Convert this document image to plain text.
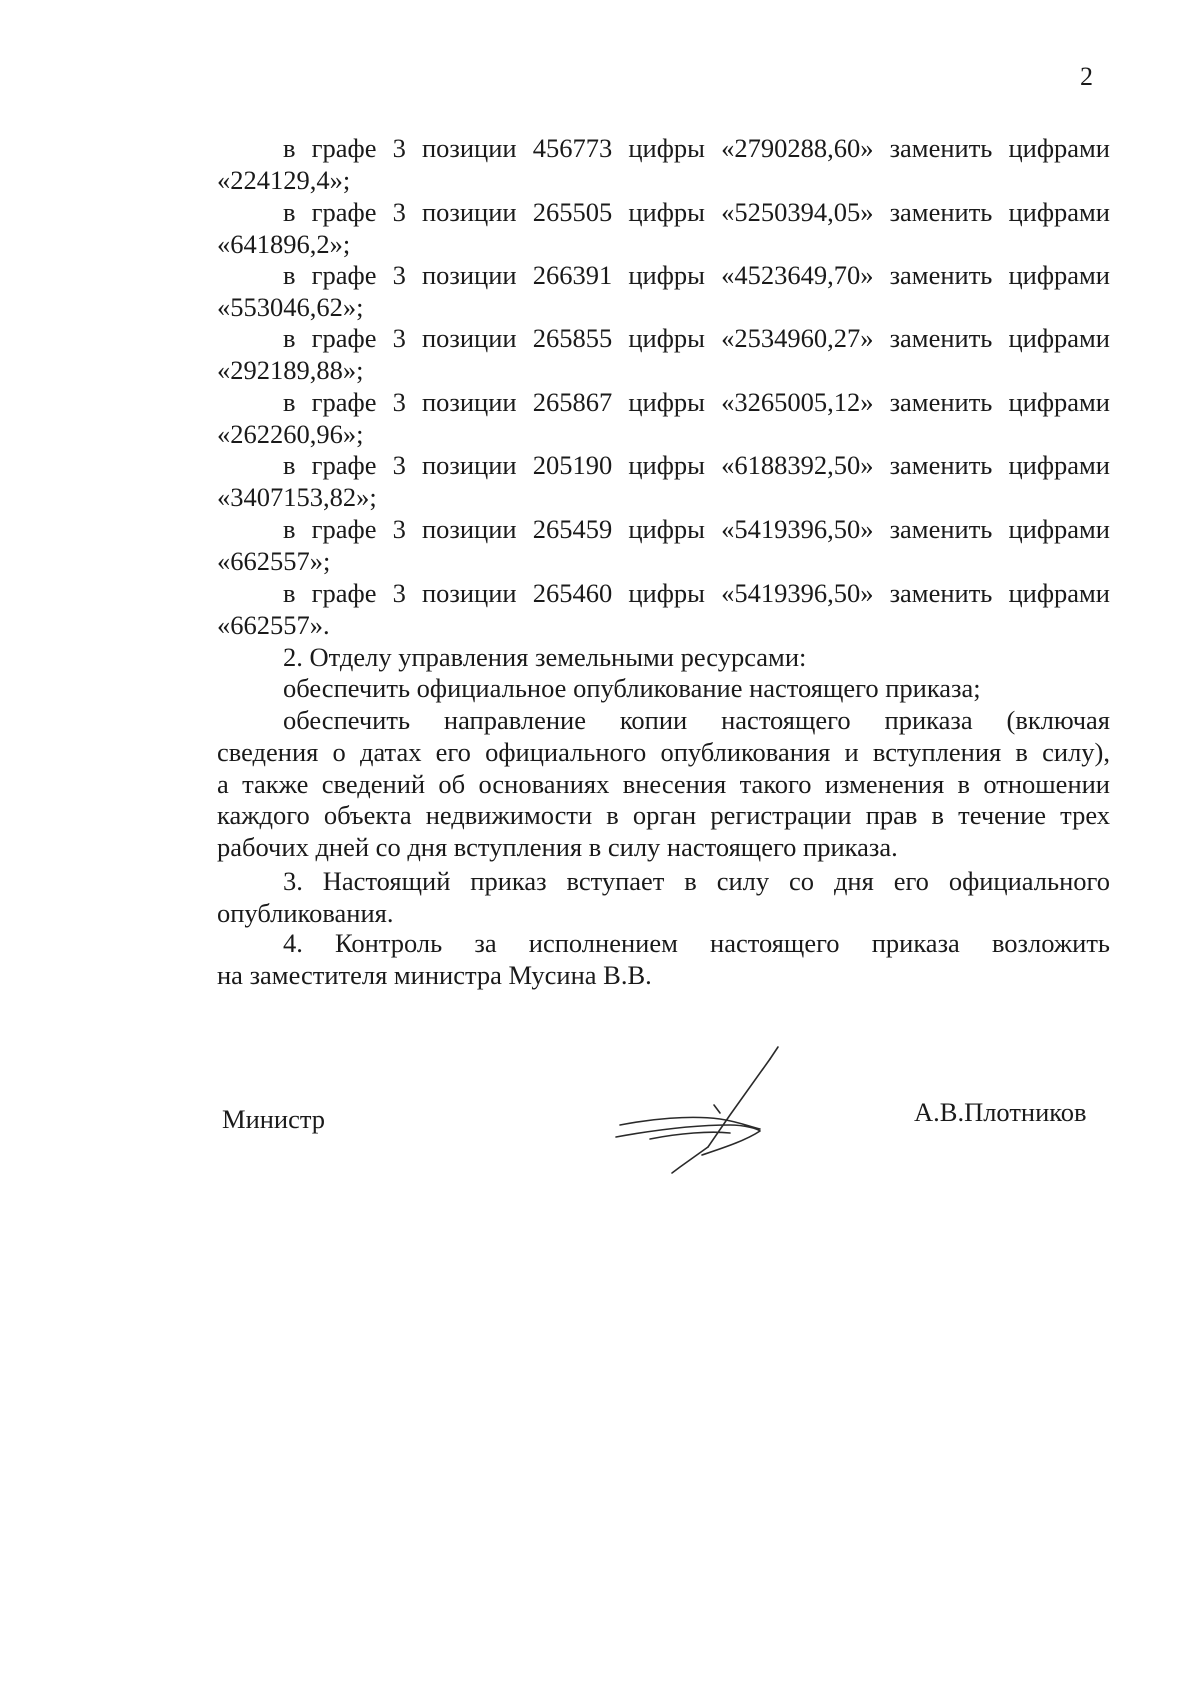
2
в графе 3 позиции 456773 цифры «2790288,60» заменить цифрами
«224129,4»;
в графе 3 позиции 265505 цифры «5250394,05» заменить цифрами
«641896,2»;
в графе 3 позиции 266391 цифры «4523649,70» заменить цифрами
«553046,62»;
в графе 3 позиции 265855 цифры «2534960,27» заменить цифрами
«292189,88»;
в графе 3 позиции 265867 цифры «3265005,12» заменить цифрами
«262260,96»;
в графе 3 позиции 205190 цифры «6188392,50» заменить цифрами
«3407153,82»;
в графе 3 позиции 265459 цифры «5419396,50» заменить цифрами
«662557»;
в графе 3 позиции 265460 цифры «5419396,50» заменить цифрами
«662557».
2. Отделу управления земельными ресурсами:
обеспечить официальное опубликование настоящего приказа;
обеспечить направление копии настоящего приказа (включая
сведения о датах его официального опубликования и вступления в силу),
а также сведений об основаниях внесения такого изменения в отношении
каждого объекта недвижимости в орган регистрации прав в течение трех
рабочих дней со дня вступления в силу настоящего приказа.
3. Настоящий приказ вступает в силу со дня его официального
опубликования.
4. Контроль за исполнением настоящего приказа возложить
на заместителя министра Мусина В.В.
Министр	А.В.Плотников
